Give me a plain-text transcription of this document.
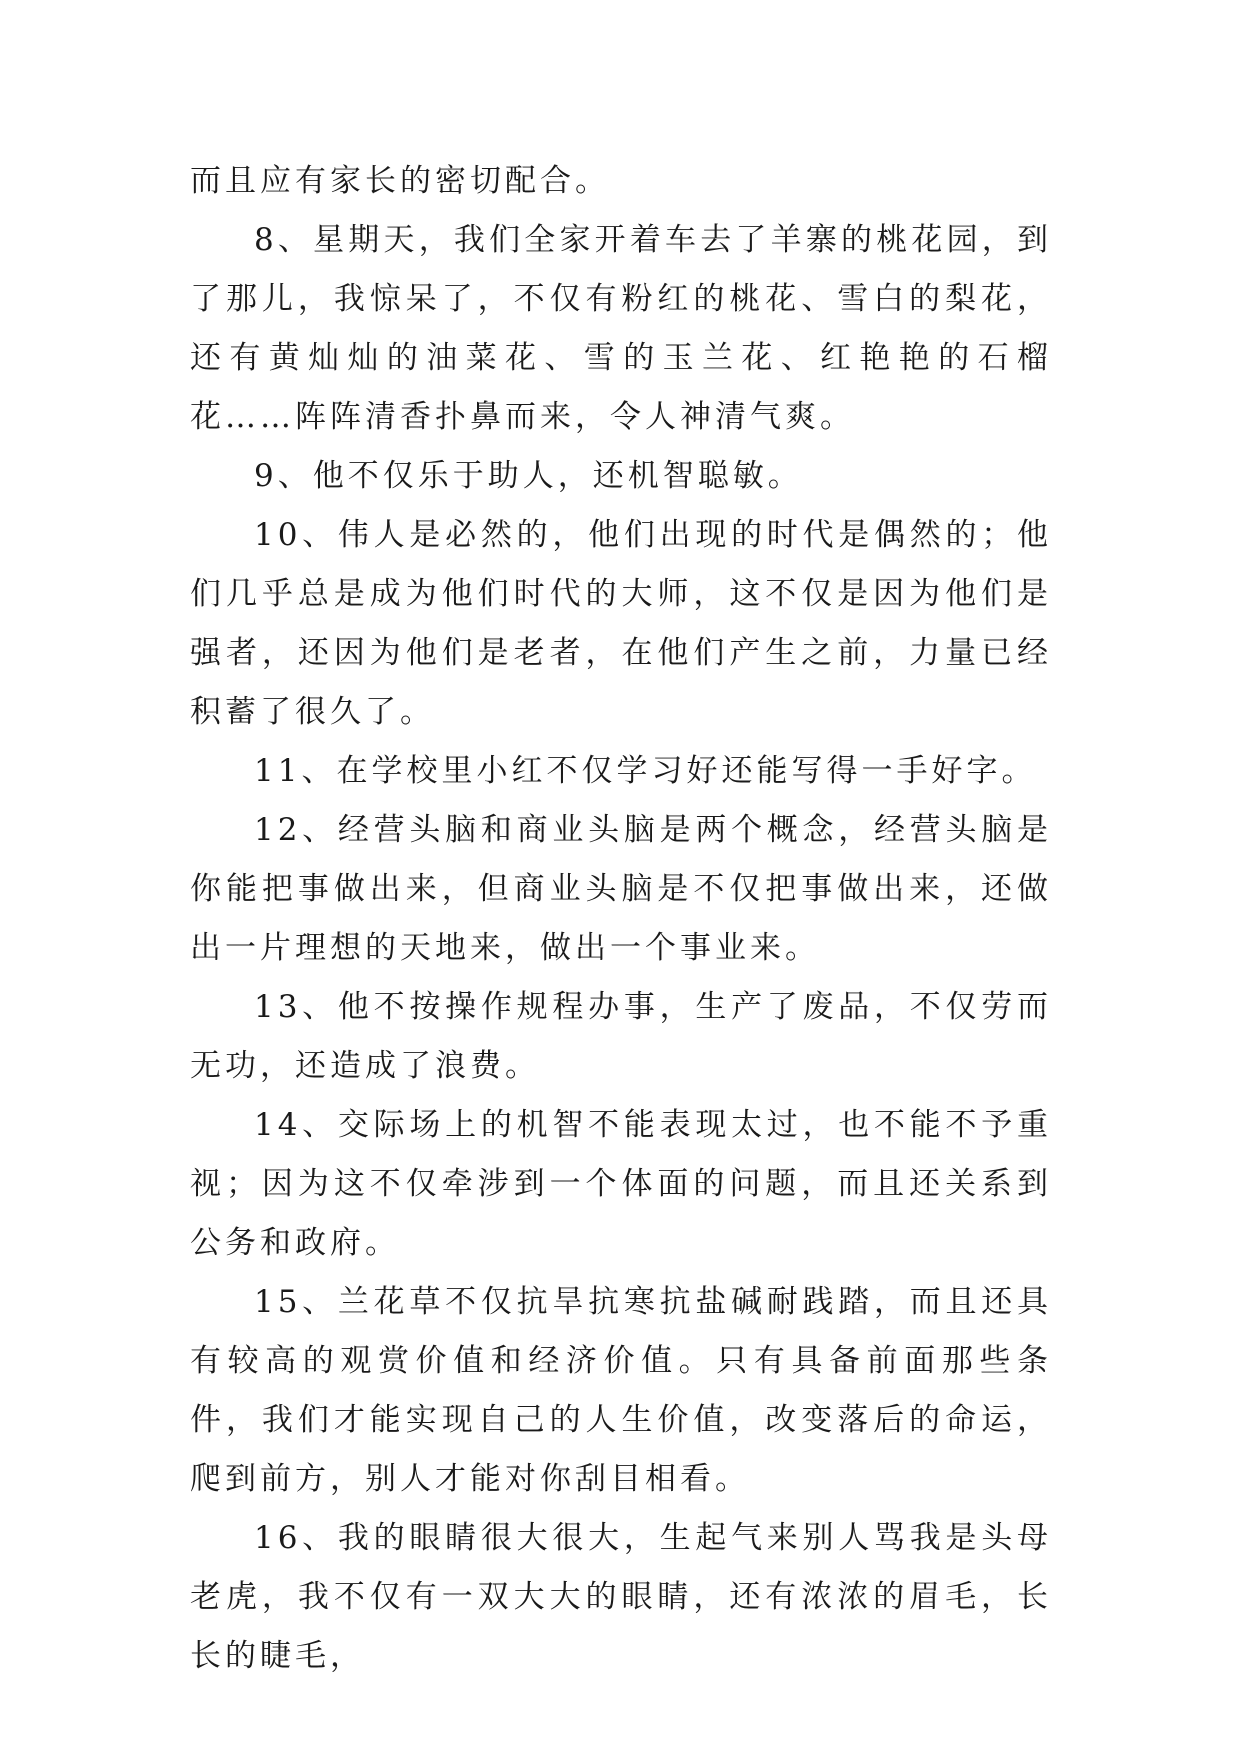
而且应有家长的密切配合。

8、星期天，我们全家开着车去了羊寨的桃花园，到了那儿，我惊呆了，不仅有粉红的桃花、雪白的梨花，还有黄灿灿的油菜花、雪的玉兰花、红艳艳的石榴花……阵阵清香扑鼻而来，令人神清气爽。

9、他不仅乐于助人，还机智聪敏。

10、伟人是必然的，他们出现的时代是偶然的；他们几乎总是成为他们时代的大师，这不仅是因为他们是强者，还因为他们是老者，在他们产生之前，力量已经积蓄了很久了。

11、在学校里小红不仅学习好还能写得一手好字。

12、经营头脑和商业头脑是两个概念，经营头脑是你能把事做出来，但商业头脑是不仅把事做出来，还做出一片理想的天地来，做出一个事业来。

13、他不按操作规程办事，生产了废品，不仅劳而无功，还造成了浪费。

14、交际场上的机智不能表现太过，也不能不予重视；因为这不仅牵涉到一个体面的问题，而且还关系到公务和政府。

15、兰花草不仅抗旱抗寒抗盐碱耐践踏，而且还具有较高的观赏价值和经济价值。只有具备前面那些条件，我们才能实现自己的人生价值，改变落后的命运，爬到前方，别人才能对你刮目相看。

16、我的眼睛很大很大，生起气来别人骂我是头母老虎，我不仅有一双大大的眼睛，还有浓浓的眉毛，长长的睫毛，
